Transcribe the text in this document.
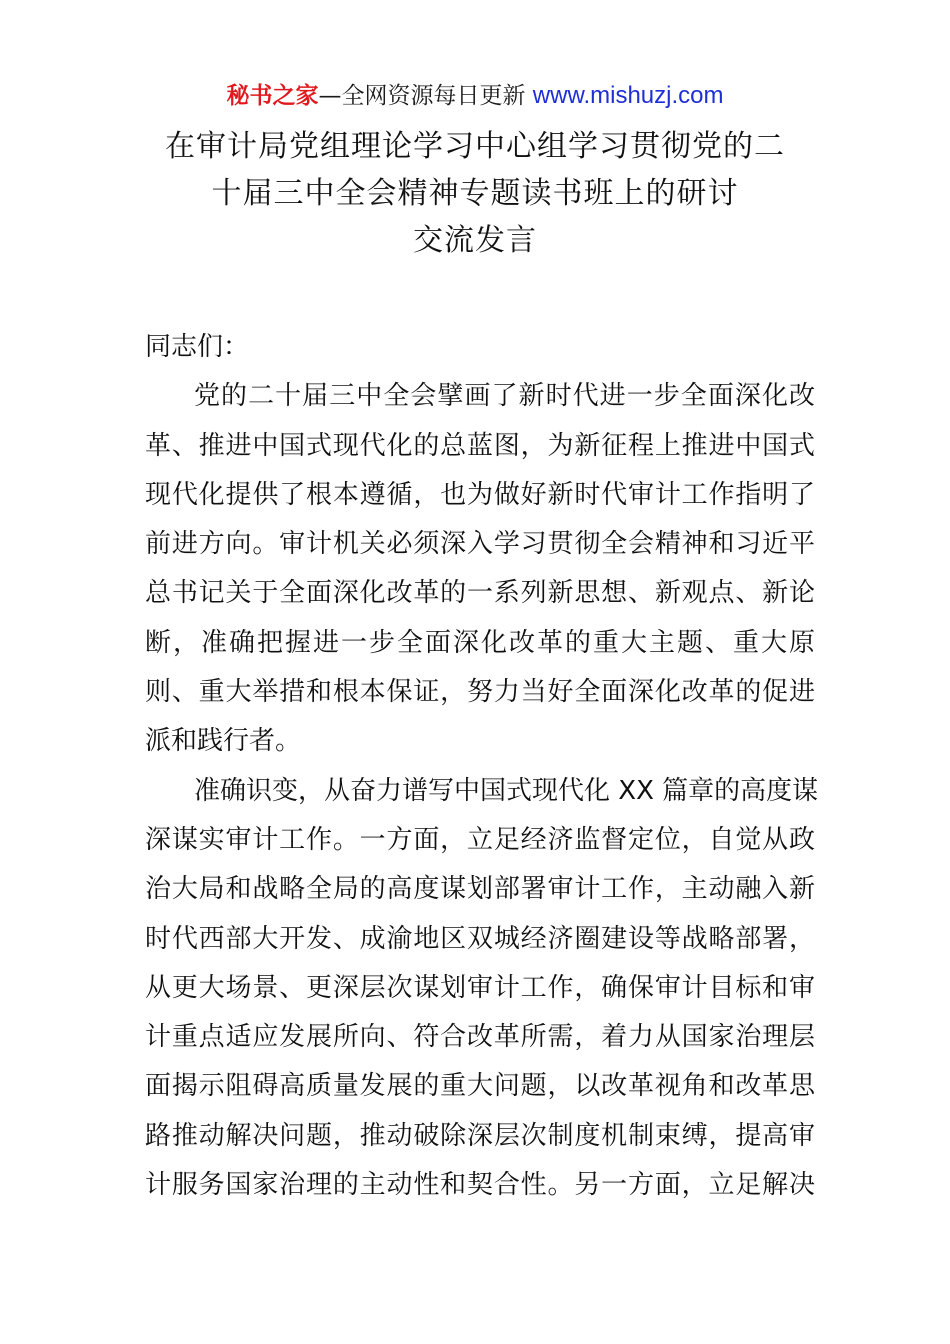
秘书之家—全网资源每日更新 www.mishuzj.com
在审计局党组理论学习中心组学习贯彻党的二
十届三中全会精神专题读书班上的研讨
交流发言
同志们：
党的二十届三中全会擘画了新时代进一步全面深化改
革、推进中国式现代化的总蓝图，为新征程上推进中国式
现代化提供了根本遵循，也为做好新时代审计工作指明了
前进方向。审计机关必须深入学习贯彻全会精神和习近平
总书记关于全面深化改革的一系列新思想、新观点、新论
断，准确把握进一步全面深化改革的重大主题、重大原
则、重大举措和根本保证，努力当好全面深化改革的促进
派和践行者。
准确识变，从奋力谱写中国式现代化 XX 篇章的高度谋
深谋实审计工作。一方面，立足经济监督定位，自觉从政
治大局和战略全局的高度谋划部署审计工作，主动融入新
时代西部大开发、成渝地区双城经济圈建设等战略部署，
从更大场景、更深层次谋划审计工作，确保审计目标和审
计重点适应发展所向、符合改革所需，着力从国家治理层
面揭示阻碍高质量发展的重大问题，以改革视角和改革思
路推动解决问题，推动破除深层次制度机制束缚，提高审
计服务国家治理的主动性和契合性。另一方面，立足解决
